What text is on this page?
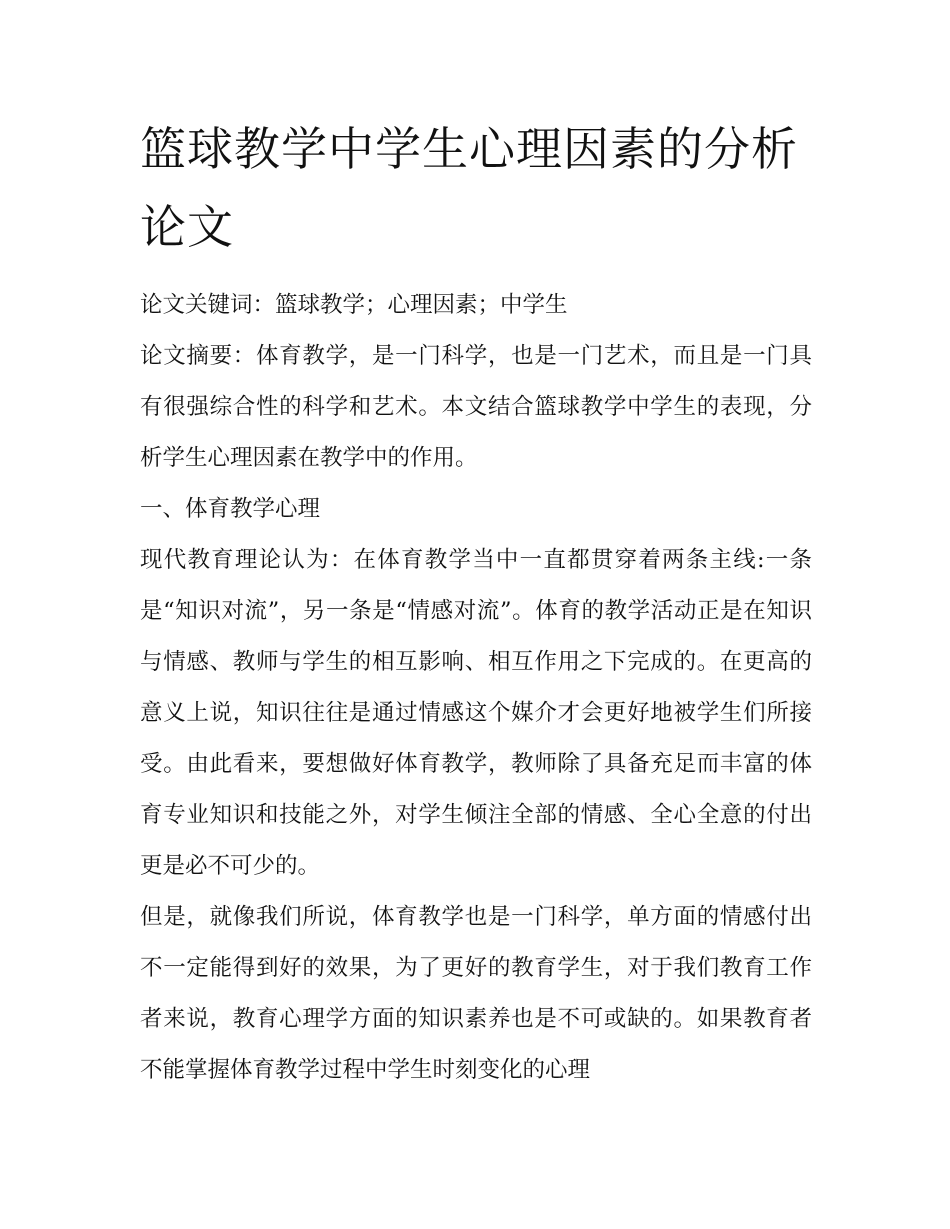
篮球教学中学生心理因素的分析论文

论文关键词：篮球教学；心理因素；中学生

论文摘要：体育教学，是一门科学，也是一门艺术，而且是一门具有很强综合性的科学和艺术。本文结合篮球教学中学生的表现，分析学生心理因素在教学中的作用。

一、体育教学心理

现代教育理论认为：在体育教学当中一直都贯穿着两条主线:一条是“知识对流”，另一条是“情感对流”。体育的教学活动正是在知识与情感、教师与学生的相互影响、相互作用之下完成的。在更高的意义上说，知识往往是通过情感这个媒介才会更好地被学生们所接受。由此看来，要想做好体育教学，教师除了具备充足而丰富的体育专业知识和技能之外，对学生倾注全部的情感、全心全意的付出更是必不可少的。

但是，就像我们所说，体育教学也是一门科学，单方面的情感付出不一定能得到好的效果，为了更好的教育学生，对于我们教育工作者来说，教育心理学方面的知识素养也是不可或缺的。如果教育者不能掌握体育教学过程中学生时刻变化的心理
